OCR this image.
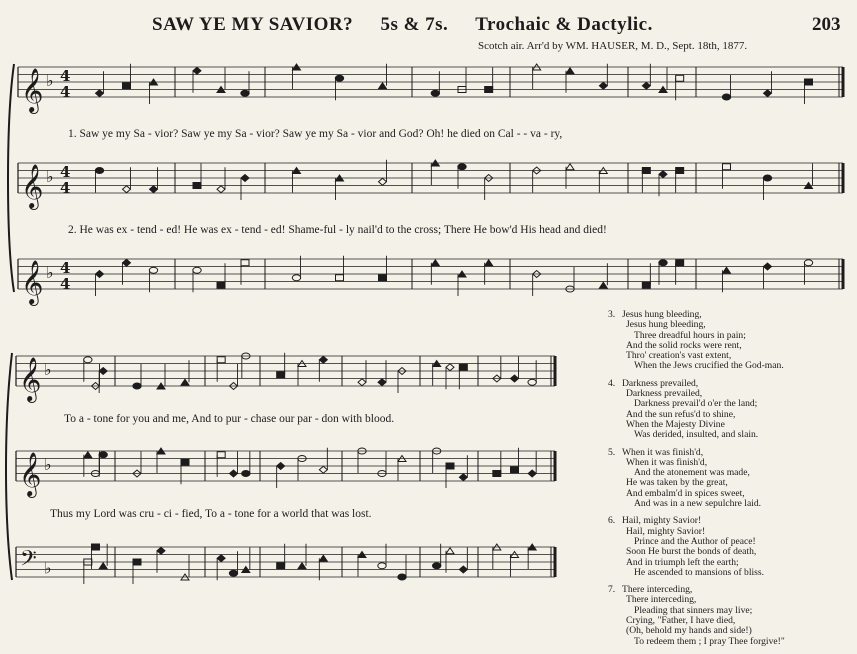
SAW YE MY SAVIOR? 5s & 7s. Trochaic & Dactylic.	203
Scotch air. Arr'd by WM. HAUSER, M. D., Sept. 18th, 1877.
1. Saw ye my Sa - vior? Saw ye my Sa - vior? Saw ye my Sa - vior and God? Oh! he died on Cal - - va - ry,
2. He was ex - tend - ed! He was ex - tend - ed! Shame-ful - ly nail'd to the cross; There He bow'd His head and died!
To a - tone for you and me, And to pur - chase our par - don with blood.
Thus my Lord was cru - ci - fied, To a - tone for a world that was lost.
3. Jesus hung bleeding,
Jesus hung bleeding,
Three dreadful hours in pain;
And the solid rocks were rent,
Thro' creation's vast extent,
When the Jews crucified the God-man.
4. Darkness prevailed,
Darkness prevailed,
Darkness prevail'd o'er the land;
And the sun refus'd to shine,
When the Majesty Divine
Was derided, insulted, and slain.
5. When it was finish'd,
When it was finish'd,
And the atonement was made,
He was taken by the great,
And embalm'd in spices sweet,
And was in a new sepulchre laid.
6. Hail, mighty Savior!
Hail, mighty Savior!
Prince and the Author of peace!
Soon He burst the bonds of death,
And in triumph left the earth;
He ascended to mansions of bliss.
7. There interceding,
There interceding,
Pleading that sinners may live;
Crying, "Father, I have died,
(Oh, behold my hands and side!)
To redeem them ; I pray Thee forgive!"
𝄞 ♭ 4
4
𝄞 ♭ 4
4
𝄞 ♭ 4
4
𝄞 ♭
𝄞 ♭
𝄢 ♭
